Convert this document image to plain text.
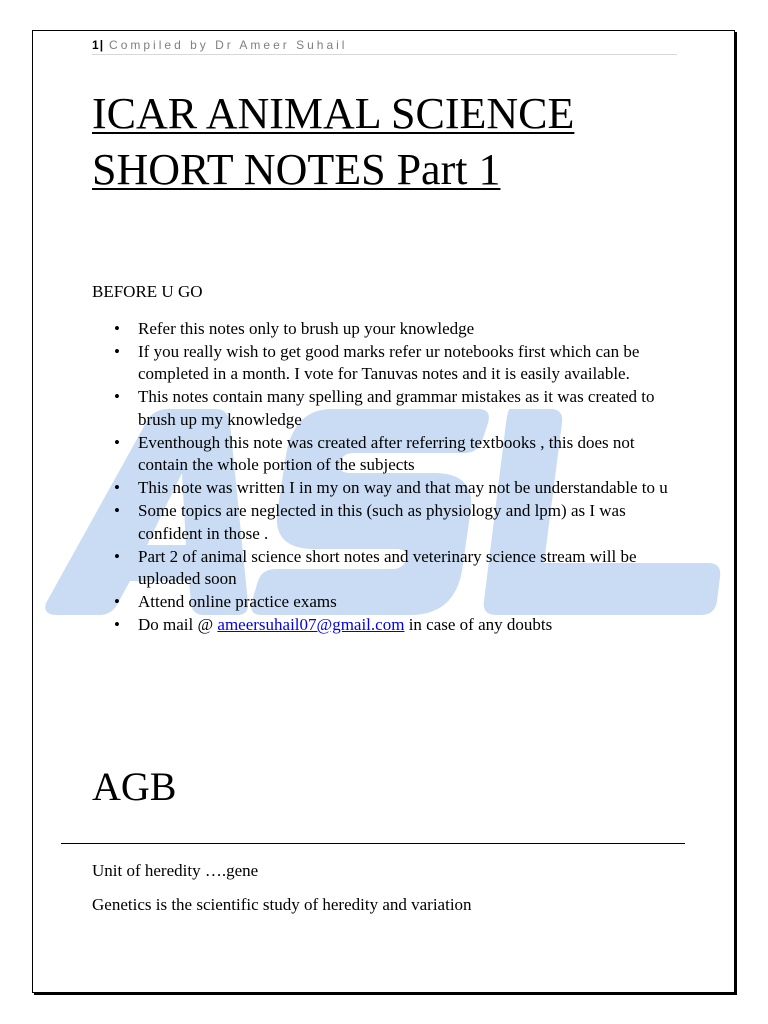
1| Compiled by Dr Ameer Suhail
ICAR ANIMAL SCIENCE
SHORT NOTES Part 1

BEFORE U GO

• Refer this notes only to brush up your knowledge
• If you really wish to get good marks refer ur notebooks first which can be completed in a month. I vote for Tanuvas notes and it is easily available.
• This notes contain many spelling and grammar mistakes as it was created to brush up my knowledge
• Eventhough this note was created after referring textbooks , this does not contain the whole portion of the subjects
• This note was written I in my on way and that may not be understandable to u
• Some topics are neglected in this (such as physiology and lpm) as I was confident in those .
• Part 2 of animal science short notes and veterinary science stream will be uploaded soon
• Attend online practice exams
• Do mail @ ameersuhail07@gmail.com in case of any doubts
AGB

Unit of heredity ….gene

Genetics is the scientific study of heredity and variation
